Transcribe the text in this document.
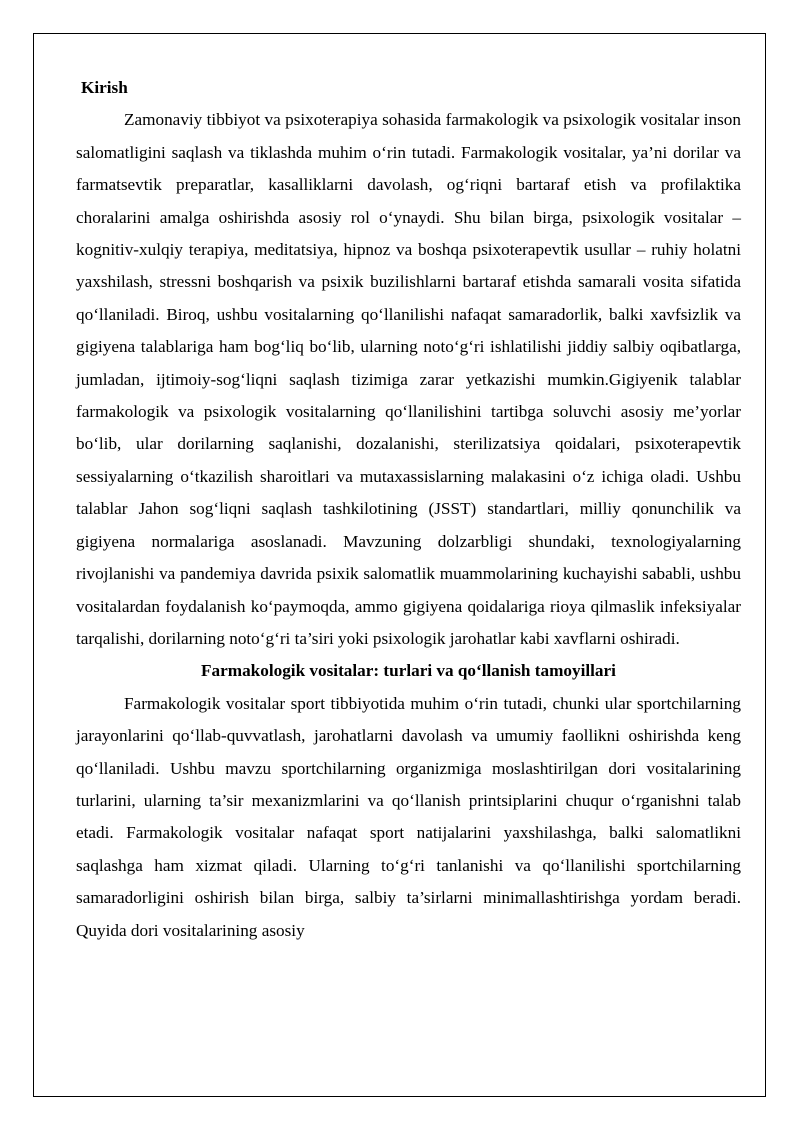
Kirish

Zamonaviy tibbiyot va psixoterapiya sohasida farmakologik va psixologik vositalar inson salomatligini saqlash va tiklashda muhim o‘rin tutadi. Farmakologik vositalar, ya’ni dorilar va farmatsevtik preparatlar, kasalliklarni davolash, og‘riqni bartaraf etish va profilaktika choralarini amalga oshirishda asosiy rol o‘ynaydi. Shu bilan birga, psixologik vositalar – kognitiv-xulqiy terapiya, meditatsiya, hipnoz va boshqa psixoterapevtik usullar – ruhiy holatni yaxshilash, stressni boshqarish va psixik buzilishlarni bartaraf etishda samarali vosita sifatida qo‘llaniladi. Biroq, ushbu vositalarning qo‘llanilishi nafaqat samaradorlik, balki xavfsizlik va gigiyena talablariga ham bog‘liq bo‘lib, ularning noto‘g‘ri ishlatilishi jiddiy salbiy oqibatlarga, jumladan, ijtimoiy-sog‘liqni saqlash tizimiga zarar yetkazishi mumkin.Gigiyenik talablar farmakologik va psixologik vositalarning qo‘llanilishini tartibga soluvchi asosiy me’yorlar bo‘lib, ular dorilarning saqlanishi, dozalanishi, sterilizatsiya qoidalari, psixoterapevtik sessiyalarning o‘tkazilish sharoitlari va mutaxassislarning malakasini o‘z ichiga oladi. Ushbu talablar Jahon sog‘liqni saqlash tashkilotining (JSST) standartlari, milliy qonunchilik va gigiyena normalariga asoslanadi. Mavzuning dolzarbligi shundaki, texnologiyalarning rivojlanishi va pandemiya davrida psixik salomatlik muammolarining kuchayishi sababli, ushbu vositalardan foydalanish ko‘paymoqda, ammo gigiyena qoidalariga rioya qilmaslik infeksiyalar tarqalishi, dorilarning noto‘g‘ri ta’siri yoki psixologik jarohatlar kabi xavflarni oshiradi.

Farmakologik vositalar: turlari va qo‘llanish tamoyillari

Farmakologik vositalar sport tibbiyotida muhim o‘rin tutadi, chunki ular sportchilarning jarayonlarini qo‘llab-quvvatlash, jarohatlarni davolash va umumiy faollikni oshirishda keng qo‘llaniladi. Ushbu mavzu sportchilarning organizmiga moslashtirilgan dori vositalarining turlarini, ularning ta’sir mexanizmlarini va qo‘llanish printsiplarini chuqur o‘rganishni talab etadi. Farmakologik vositalar nafaqat sport natijalarini yaxshilashga, balki salomatlikni saqlashga ham xizmat qiladi. Ularning to‘g‘ri tanlanishi va qo‘llanilishi sportchilarning samaradorligini oshirish bilan birga, salbiy ta’sirlarni minimallashtirishga yordam beradi. Quyida dori vositalarining asosiy
